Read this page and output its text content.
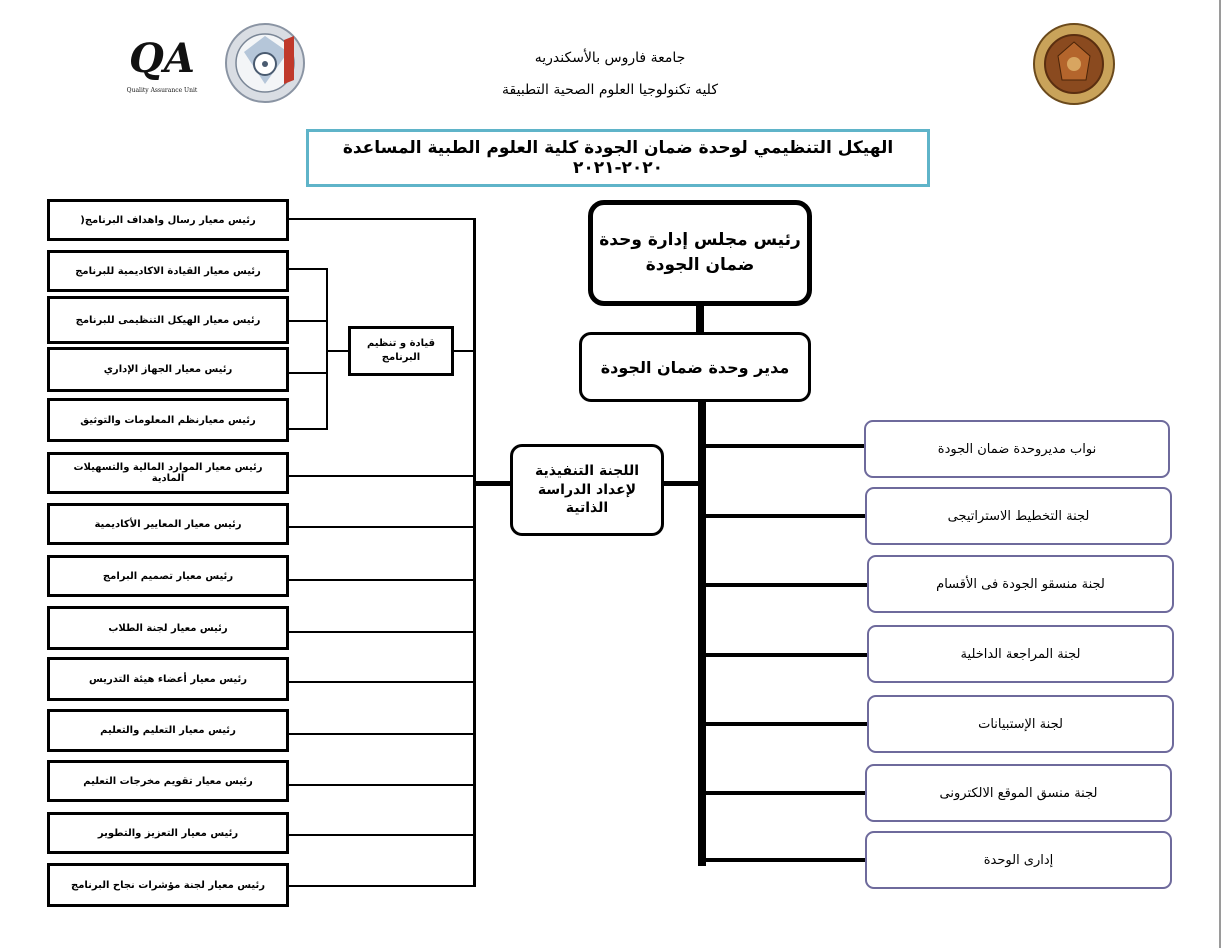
QA
Quality Assurance Unit
جامعة فاروس بالأسكندريه
كليه تكنولوجيا العلوم الصحية التطبيقة
الهيكل التنظيمي لوحدة ضمان الجودة كلية العلوم الطبية المساعدة ٢٠٢٠-٢٠٢١
رئيس مجلس إدارة وحدة ضمان الجودة
مدير وحدة ضمان الجودة
اللجنة التنفيذية لإعداد الدراسة الذاتية
قيادة و تنظيم البرنامج
رئيس معيار رسال واهداف البرنامج(
رئيس معيار القيادة الاكاديمية للبرنامج
رئيس معيار الهيكل التنظيمى للبرنامج
رئيس معيار الجهاز الإداري
رئيس معيارنظم المعلومات والتوثيق
رئيس معيار الموارد المالية والتسهيلات المادية
رئيس معيار المعايير الأكاديمية
رئيس معيار تصميم البرامج
رئيس معيار لجنة الطلاب
رئيس معيار أعضاء هيئة التدريس
رئيس معيار التعليم والتعليم
رئيس معيار تقويم مخرجات التعليم
رئيس معيار التعزيز والتطوير
رئيس معيار لجنة مؤشرات نجاح البرنامج
نواب مديروحدة ضمان الجودة
لجنة التخطيط الاستراتيجى
لجنة منسقو الجودة فى الأقسام
لجنة المراجعة الداخلية
لجنة الإستبيانات
لجنة منسق الموقع الالكترونى
إدارى الوحدة
